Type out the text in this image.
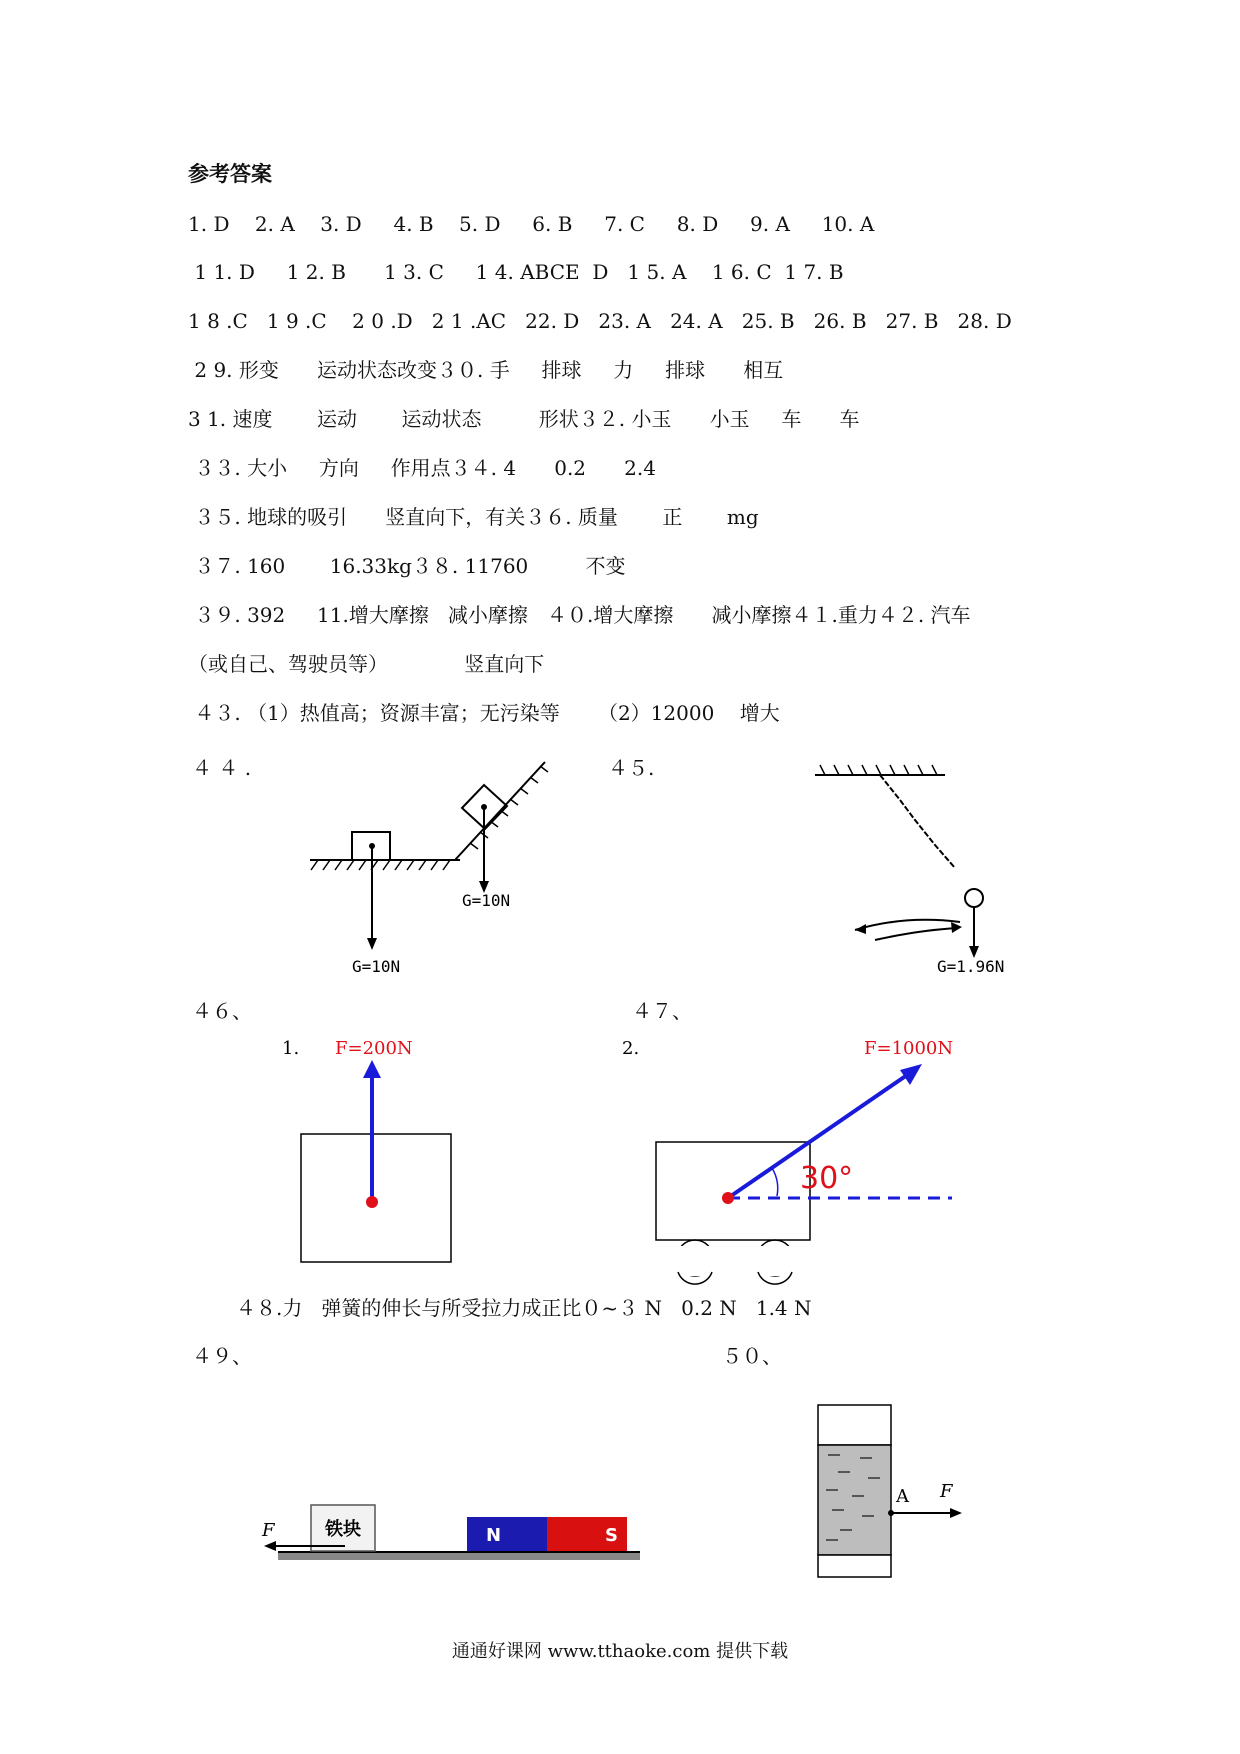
参考答案
1. D    2. A    3. D     4. B    5. D     6. B     7. C     8. D     9. A     10. A
1 1. D     1 2. B      1 3. C     1 4. ABCE  D   1 5. A    1 6. C  1 7. B
1 8 .C   1 9 .C    2 0 .D   2 1 .AC   22. D   23. A   24. A   25. B   26. B   27. B   28. D
2 9. 形变      运动状态改变３０. 手     排球     力     排球      相互
3 1. 速度       运动       运动状态         形状３２. 小玉      小玉     车      车
３３. 大小     方向     作用点３４. 4      0.2      2.4
３５. 地球的吸引      竖直向下，有关３６. 质量       正       mg
３７. 160       16.33kg３８. 11760         不变
３９. 392     11.增大摩擦   减小摩擦   ４０.增大摩擦      减小摩擦４１.重力４２. 汽车
（或自己、驾驶员等）            竖直向下
４３. （1）热值高；资源丰富；无污染等      （2）12000    增大
４ ４ .	４５.
G=10N
G=10N
G=1.96N
４６、	４７、
1. F=200N	2.	F=1000N
30°
４８.力   弹簧的伸长与所受拉力成正比０~３ N   0.2 N   1.4 N
４９、	５０、
铁块
F	N	S
A F
通通好课网 www.tthaoke.com 提供下载
